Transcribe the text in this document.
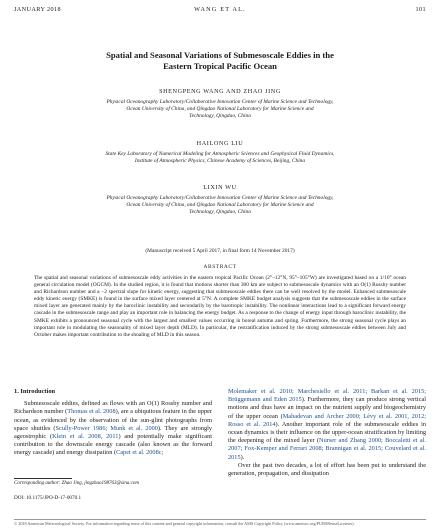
JANUARY 2018	WANG ET AL.	101
Spatial and Seasonal Variations of Submesoscale Eddies in the
Eastern Tropical Pacific Ocean
SHENGPENG WANG AND ZHAO JING
Physical Oceanography Laboratory/Collaborative Innovation Center of Marine Science and Technology,
Ocean University of China, and Qingdao National Laboratory for Marine Science and
Technology, Qingdao, China
HAILONG LIU
State Key Laboratory of Numerical Modeling for Atmospheric Sciences and Geophysical Fluid Dynamics,
Institute of Atmospheric Physics, Chinese Academy of Sciences, Beijing, China
LIXIN WU
Physical Oceanography Laboratory/Collaborative Innovation Center of Marine Science and Technology,
Ocean University of China, and Qingdao National Laboratory for Marine Science and
Technology, Qingdao, China
(Manuscript received 5 April 2017, in final form 14 November 2017)
ABSTRACT
The spatial and seasonal variations of submesoscale eddy activities in the eastern tropical Pacific Ocean (2°–12°N, 95°–105°W) are investigated based on a 1/10° ocean general circulation model (OGCM). In the studied region, it is found that motions shorter than 300 km are subject to submesoscale dynamics with an O(1) Rossby number and Richardson number and a −2 spectral slope for kinetic energy, suggesting that submesoscale eddies there can be well resolved by the model. Enhanced submesoscale eddy kinetic energy (SMKE) is found in the surface mixed layer centered at 5°N. A complete SMKE budget analysis suggests that the submesoscale eddies in the surface mixed layer are generated mainly by the baroclinic instability and secondarily by the barotropic instability. The nonlinear interactions lead to a significant forward energy cascade in the submesoscale range and play an important role in balancing the energy budget. As a response to the change of energy input through baroclinic instability, the SMKE exhibits a pronounced seasonal cycle with the largest and smallest values occurring in boreal autumn and spring. Furthermore, the strong seasonal cycle plays an important role in modulating the seasonality of mixed layer depth (MLD). In particular, the restratification induced by the strong submesoscale eddies between July and October makes important contribution to the shoaling of MLD in this season.
1. Introduction
Submesoscale eddies, defined as flows with an O(1) Rossby number and Richardson number (Thomas et al. 2008), are a ubiquitous feature in the upper ocean, as evidenced by the observation of the sun-glint photographs from space shuttles (Scully-Power 1986; Munk et al. 2000). They are strongly ageostrophic (Klein et al. 2008, 2011) and potentially make significant contribution to the downscale energy cascade (also known as the forward energy cascade) and energy dissipation (Capet et al. 2008c;
Molemaker et al. 2010; Marchesiello et al. 2011; Barkan et al. 2015; Brüggemann and Eden 2015). Furthermore, they can produce strong vertical motions and thus have an impact on the nutrient supply and biogeochemistry of the upper ocean (Mahadevan and Archer 2000; Lévy et al. 2001, 2012; Rosso et al. 2014). Another important role of the submesoscale eddies in ocean dynamics is their influence on the upper-ocean stratification by limiting the deepening of the mixed layer (Nurser and Zhang 2000; Boccaletti et al. 2007; Fox-Kemper and Ferrari 2008; Brannigan et al. 2015; Couvelard et al. 2015).
Over the past two decades, a lot of effort has been put to understand the generation, propagation, and dissipation
Corresponding author: Zhao Jing, jingzhao198763@sina.com
DOI: 10.1175/JPO-D-17-0070.1
© 2018 American Meteorological Society. For information regarding reuse of this content and general copyright information, consult the AMS Copyright Policy (www.ametsoc.org/PUBSReuseLicenses).
